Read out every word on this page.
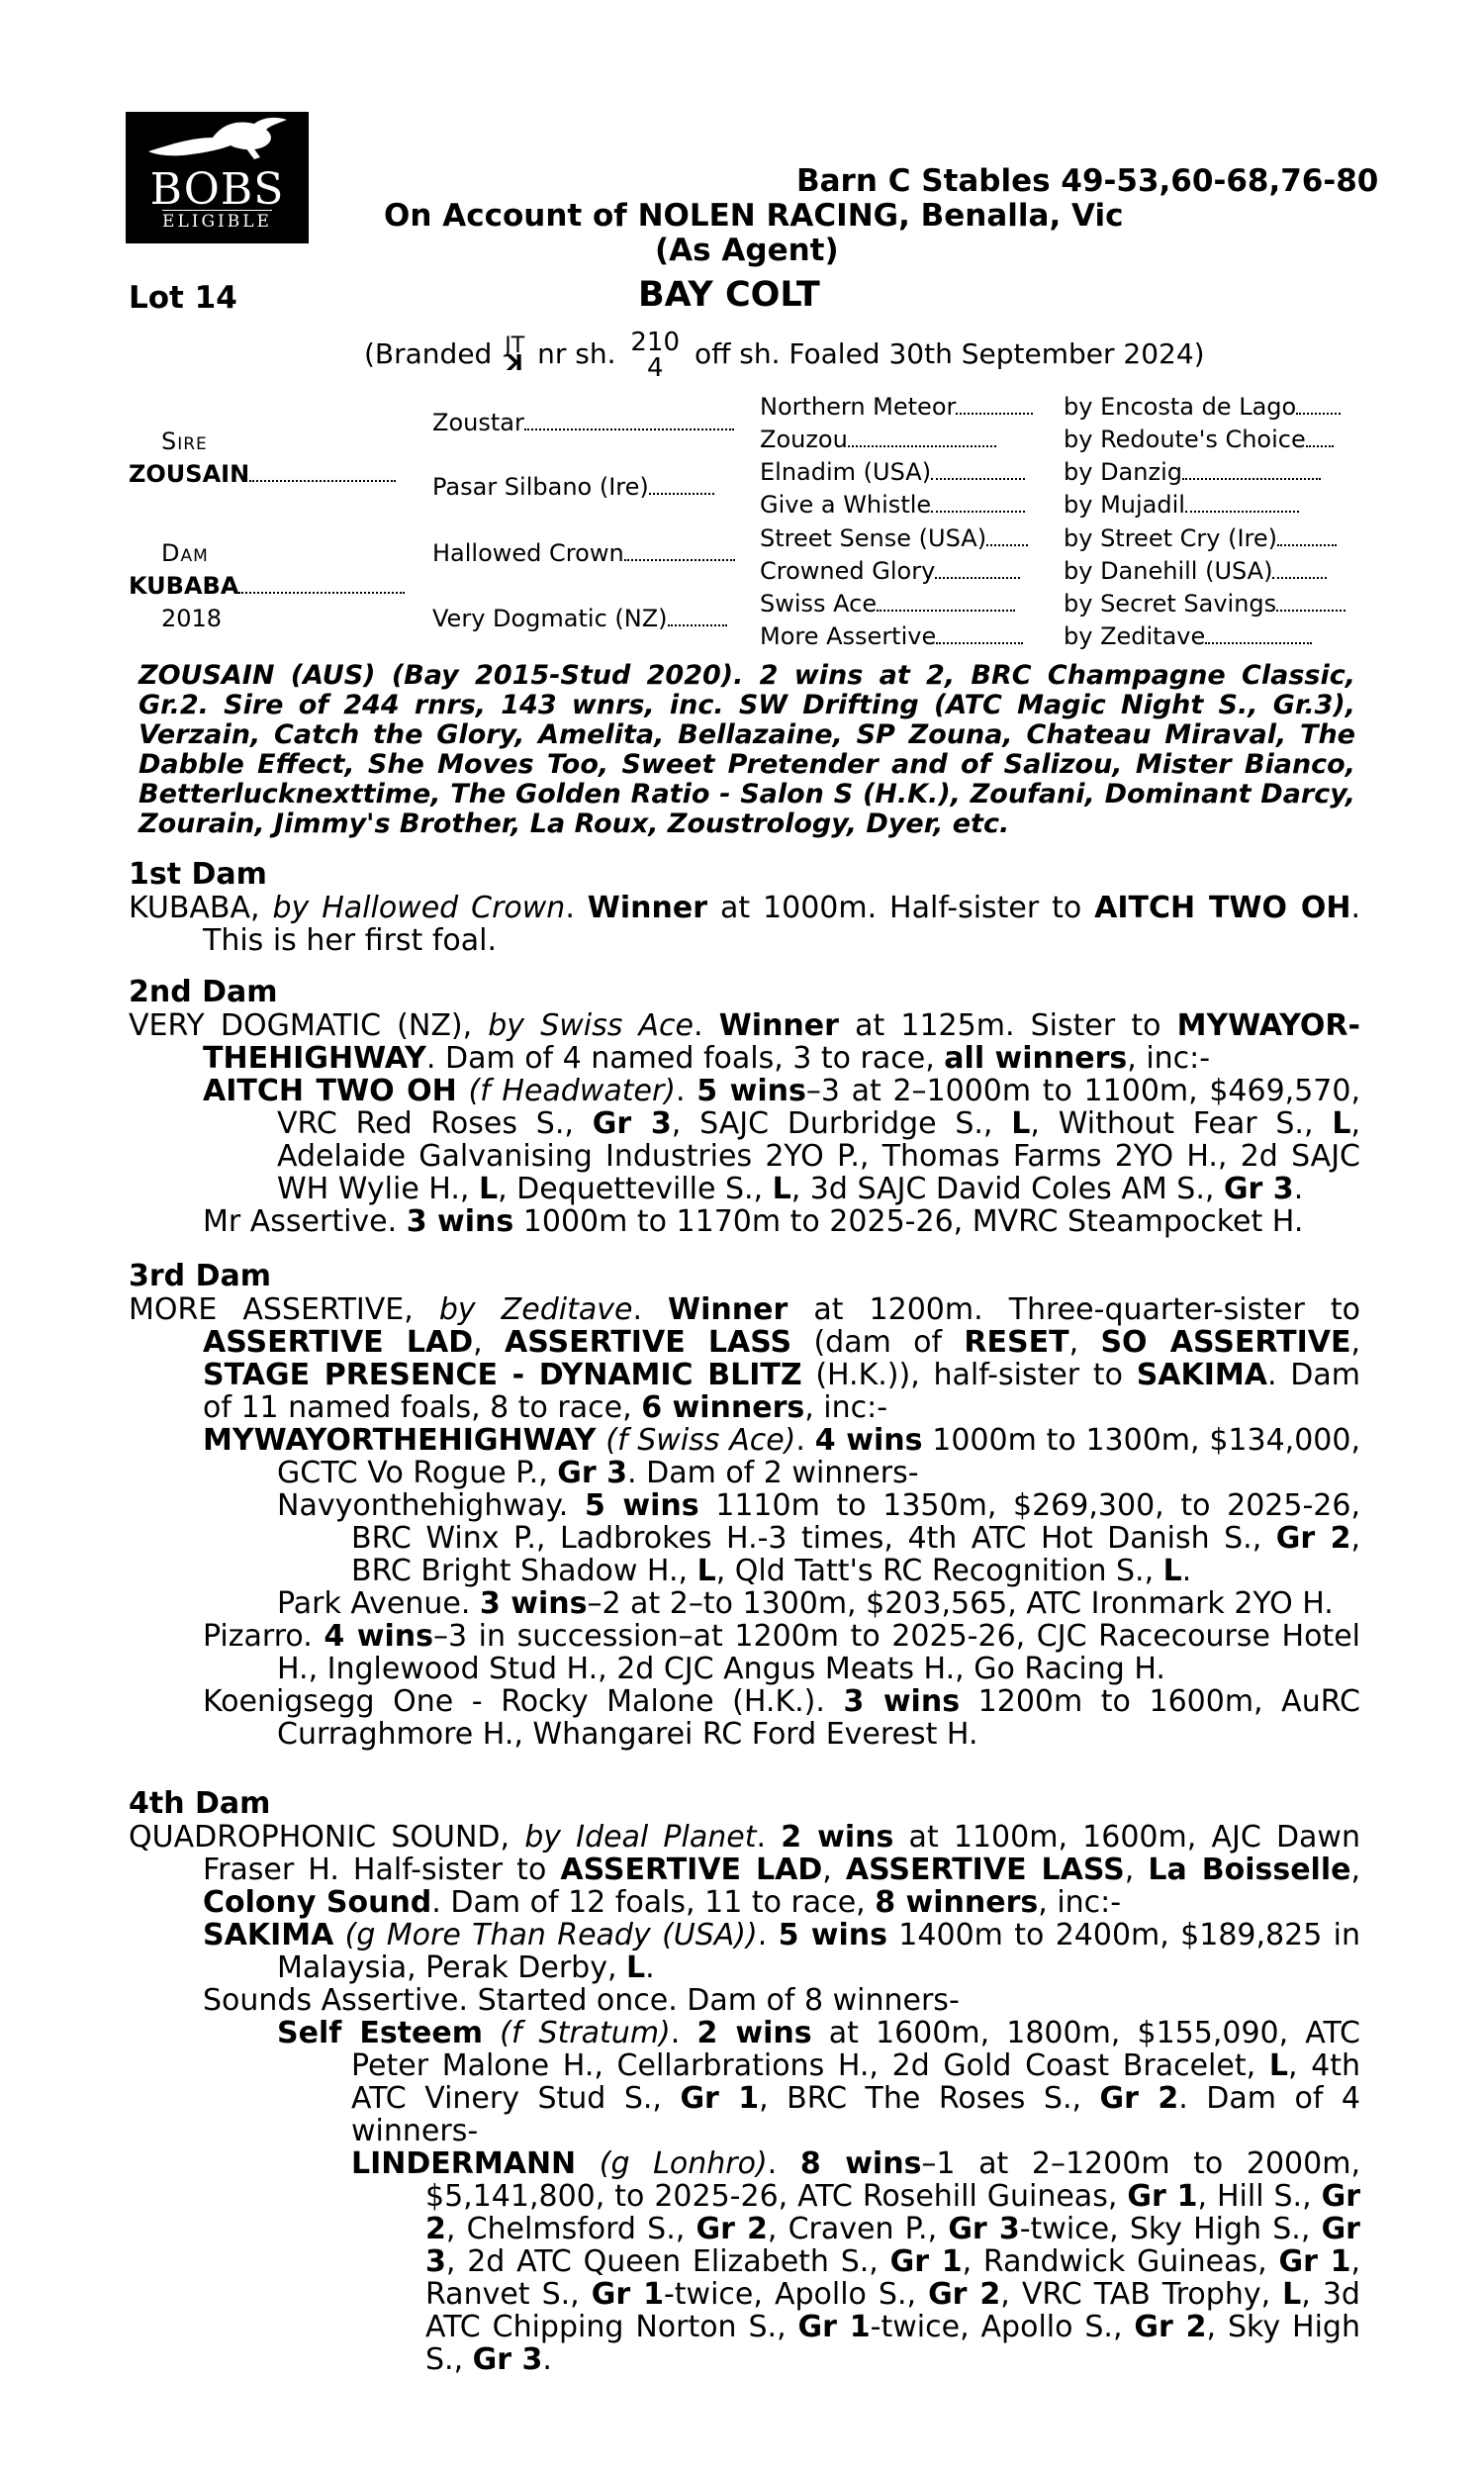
BOBS
ELIGIBLE
Barn C Stables 49-53,60-68,76-80
On Account of NOLEN RACING, Benalla, Vic
(As Agent)
Lot 14	BAY COLT
(Branded JT
ꓘ nr sh. 210
4 off sh. Foaled 30th September 2024)
Sire
ZOUSAIN
Dam
KUBABA
2018
Zoustar
Pasar Silbano (Ire)
Hallowed Crown
Very Dogmatic (NZ)
Northern Meteor
Zouzou
Elnadim (USA)
Give a Whistle
Street Sense (USA)
Crowned Glory
Swiss Ace
More Assertive
by Encosta de Lago
by Redoute's Choice
by Danzig
by Mujadil
by Street Cry (Ire)
by Danehill (USA)
by Secret Savings
by Zeditave
ZOUSAIN (AUS) (Bay 2015-Stud 2020). 2 wins at 2, BRC Champagne Classic, Gr.2. Sire of 244 rnrs, 143 wnrs, inc. SW Drifting (ATC Magic Night S., Gr.3), Verzain, Catch the Glory, Amelita, Bellazaine, SP Zouna, Chateau Miraval, The Dabble Effect, She Moves Too, Sweet Pretender and of Salizou, Mister Bianco, Betterlucknexttime, The Golden Ratio - Salon S (H.K.), Zoufani, Dominant Darcy, Zourain, Jimmy's Brother, La Roux, Zoustrology, Dyer, etc.
1st Dam
KUBABA, by Hallowed Crown. Winner at 1000m. Half-sister to AITCH TWO OH. This is her first foal.
2nd Dam
VERY DOGMATIC (NZ), by Swiss Ace. Winner at 1125m. Sister to MYWAYOR-THEHIGHWAY. Dam of 4 named foals, 3 to race, all winners, inc:-
AITCH TWO OH (f Headwater). 5 wins–3 at 2–1000m to 1100m, $469,570, VRC Red Roses S., Gr 3, SAJC Durbridge S., L, Without Fear S., L, Adelaide Galvanising Industries 2YO P., Thomas Farms 2YO H., 2d SAJC WH Wylie H., L, Dequetteville S., L, 3d SAJC David Coles AM S., Gr 3.
Mr Assertive. 3 wins 1000m to 1170m to 2025-26, MVRC Steampocket H.
3rd Dam
MORE ASSERTIVE, by Zeditave. Winner at 1200m. Three-quarter-sister to ASSERTIVE LAD, ASSERTIVE LASS (dam of RESET, SO ASSERTIVE, STAGE PRESENCE - DYNAMIC BLITZ (H.K.)), half-sister to SAKIMA. Dam of 11 named foals, 8 to race, 6 winners, inc:-
MYWAYORTHEHIGHWAY (f Swiss Ace). 4 wins 1000m to 1300m, $134,000, GCTC Vo Rogue P., Gr 3. Dam of 2 winners-
Navyonthehighway. 5 wins 1110m to 1350m, $269,300, to 2025-26, BRC Winx P., Ladbrokes H.-3 times, 4th ATC Hot Danish S., Gr 2, BRC Bright Shadow H., L, Qld Tatt's RC Recognition S., L.
Park Avenue. 3 wins–2 at 2–to 1300m, $203,565, ATC Ironmark 2YO H.
Pizarro. 4 wins–3 in succession–at 1200m to 2025-26, CJC Racecourse Hotel H., Inglewood Stud H., 2d CJC Angus Meats H., Go Racing H.
Koenigsegg One - Rocky Malone (H.K.). 3 wins 1200m to 1600m, AuRC Curraghmore H., Whangarei RC Ford Everest H.
4th Dam
QUADROPHONIC SOUND, by Ideal Planet. 2 wins at 1100m, 1600m, AJC Dawn Fraser H. Half-sister to ASSERTIVE LAD, ASSERTIVE LASS, La Boisselle, Colony Sound. Dam of 12 foals, 11 to race, 8 winners, inc:-
SAKIMA (g More Than Ready (USA)). 5 wins 1400m to 2400m, $189,825 in Malaysia, Perak Derby, L.
Sounds Assertive. Started once. Dam of 8 winners-
Self Esteem (f Stratum). 2 wins at 1600m, 1800m, $155,090, ATC Peter Malone H., Cellarbrations H., 2d Gold Coast Bracelet, L, 4th ATC Vinery Stud S., Gr 1, BRC The Roses S., Gr 2. Dam of 4 winners-
LINDERMANN (g Lonhro). 8 wins–1 at 2–1200m to 2000m, $5,141,800, to 2025-26, ATC Rosehill Guineas, Gr 1, Hill S., Gr 2, Chelmsford S., Gr 2, Craven P., Gr 3-twice, Sky High S., Gr 3, 2d ATC Queen Elizabeth S., Gr 1, Randwick Guineas, Gr 1, Ranvet S., Gr 1-twice, Apollo S., Gr 2, VRC TAB Trophy, L, 3d ATC Chipping Norton S., Gr 1-twice, Apollo S., Gr 2, Sky High S., Gr 3.
